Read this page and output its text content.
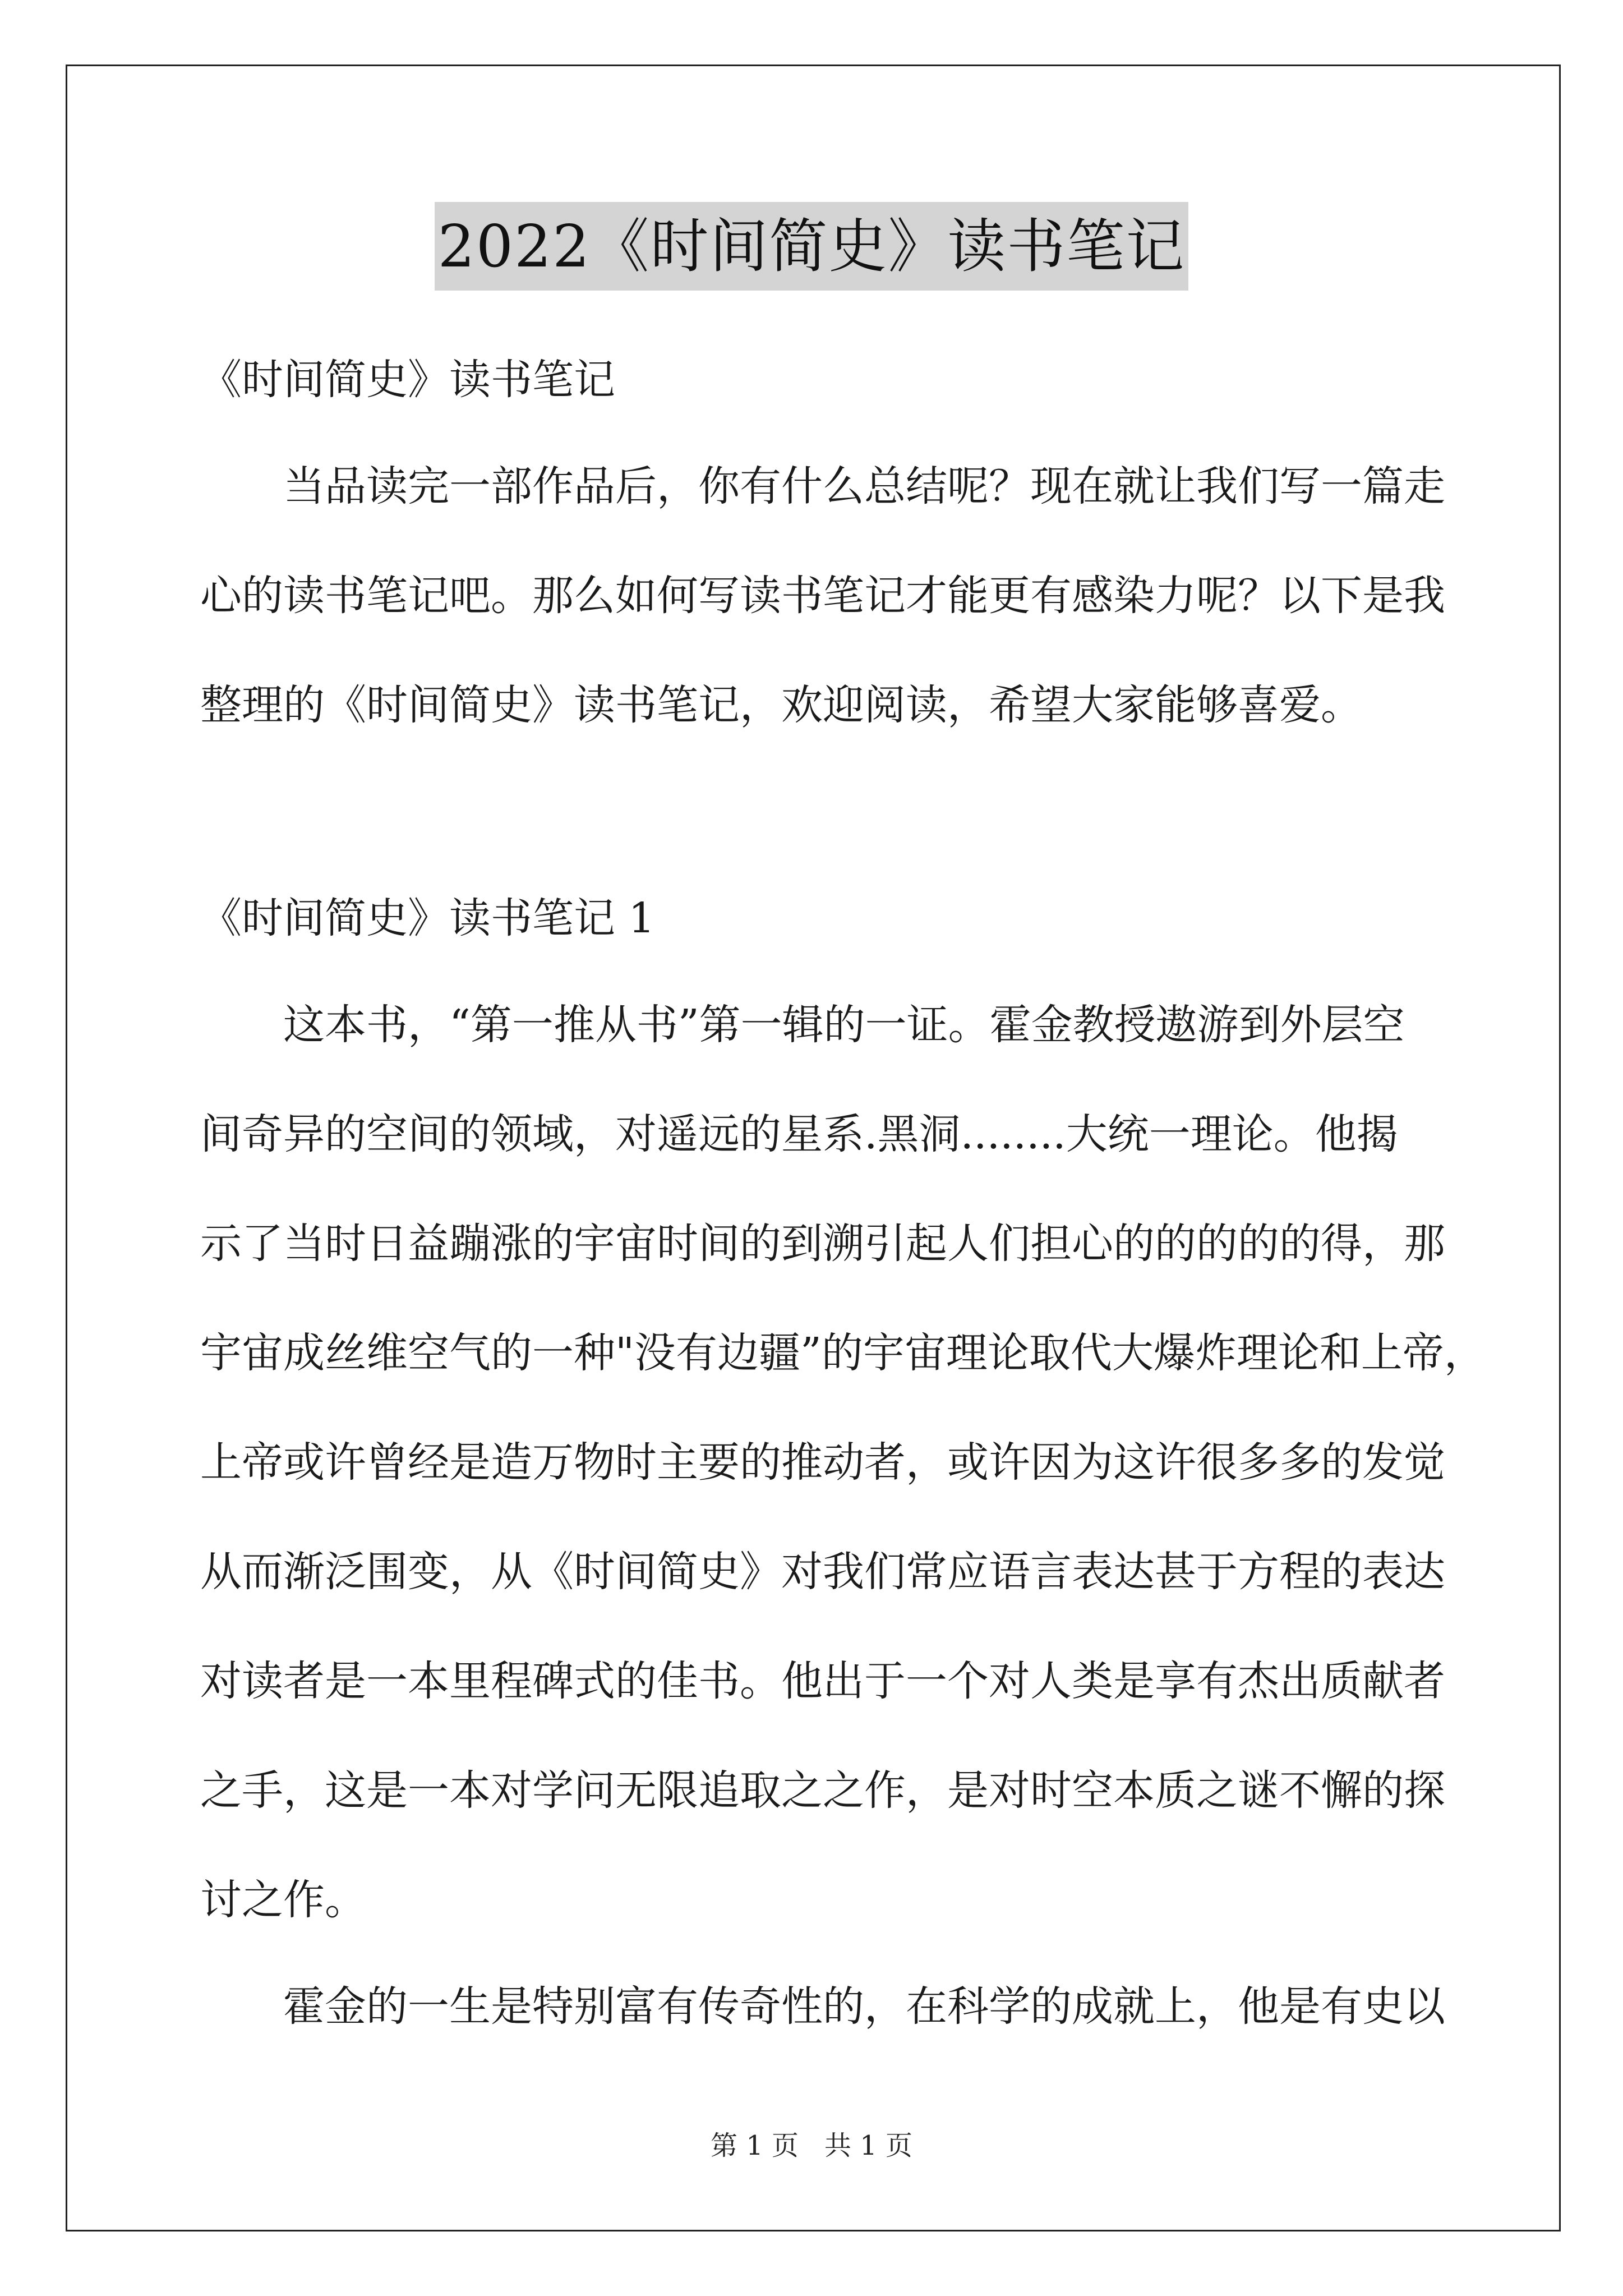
2022《时间简史》读书笔记
《时间简史》读书笔记
当品读完一部作品后，你有什么总结呢？现在就让我们写一篇走
心的读书笔记吧。那么如何写读书笔记才能更有感染力呢？以下是我
整理的《时间简史》读书笔记，欢迎阅读，希望大家能够喜爱。
《时间简史》读书笔记 1
这本书，“第一推从书”第一辑的一证。霍金教授遨游到外层空
间奇异的空间的领域，对遥远的星系.黑洞........大统一理论。他揭
示了当时日益蹦涨的宇宙时间的到溯引起人们担心的的的的的得，那
宇宙成丝维空气的一种"没有边疆”的宇宙理论取代大爆炸理论和上帝，
上帝或许曾经是造万物时主要的推动者，或许因为这许很多多的发觉
从而渐泛围变，从《时间简史》对我们常应语言表达甚于方程的表达
对读者是一本里程碑式的佳书。他出于一个对人类是享有杰出质献者
之手，这是一本对学问无限追取之之作，是对时空本质之谜不懈的探
讨之作。
霍金的一生是特别富有传奇性的，在科学的成就上，他是有史以
第 1 页 共 1 页
